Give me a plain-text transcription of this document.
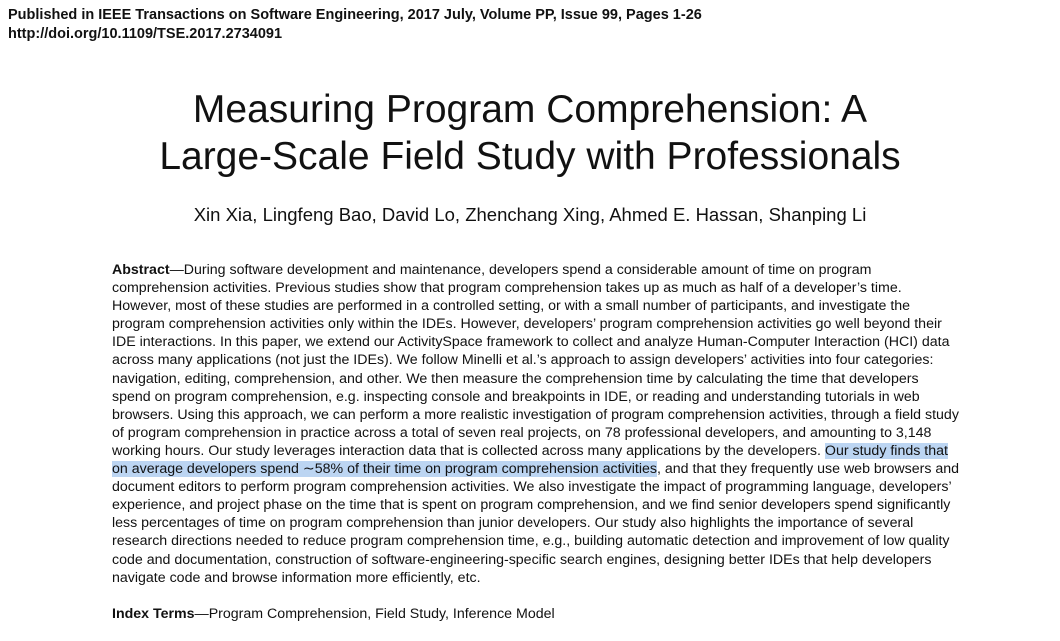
Published in IEEE Transactions on Software Engineering, 2017 July, Volume PP, Issue 99, Pages 1-26
http://doi.org/10.1109/TSE.2017.2734091
Measuring Program Comprehension: A
Large-Scale Field Study with Professionals
Xin Xia, Lingfeng Bao, David Lo, Zhenchang Xing, Ahmed E. Hassan, Shanping Li
Abstract—During software development and maintenance, developers spend a considerable amount of time on program
comprehension activities. Previous studies show that program comprehension takes up as much as half of a developer’s time.
However, most of these studies are performed in a controlled setting, or with a small number of participants, and investigate the
program comprehension activities only within the IDEs. However, developers’ program comprehension activities go well beyond their
IDE interactions. In this paper, we extend our ActivitySpace framework to collect and analyze Human-Computer Interaction (HCI) data
across many applications (not just the IDEs). We follow Minelli et al.’s approach to assign developers’ activities into four categories:
navigation, editing, comprehension, and other. We then measure the comprehension time by calculating the time that developers
spend on program comprehension, e.g. inspecting console and breakpoints in IDE, or reading and understanding tutorials in web
browsers. Using this approach, we can perform a more realistic investigation of program comprehension activities, through a field study
of program comprehension in practice across a total of seven real projects, on 78 professional developers, and amounting to 3,148
working hours. Our study leverages interaction data that is collected across many applications by the developers. Our study finds that
on average developers spend ∼58% of their time on program comprehension activities, and that they frequently use web browsers and
document editors to perform program comprehension activities. We also investigate the impact of programming language, developers’
experience, and project phase on the time that is spent on program comprehension, and we find senior developers spend significantly
less percentages of time on program comprehension than junior developers. Our study also highlights the importance of several
research directions needed to reduce program comprehension time, e.g., building automatic detection and improvement of low quality
code and documentation, construction of software-engineering-specific search engines, designing better IDEs that help developers
navigate code and browse information more efficiently, etc.
Index Terms—Program Comprehension, Field Study, Inference Model
